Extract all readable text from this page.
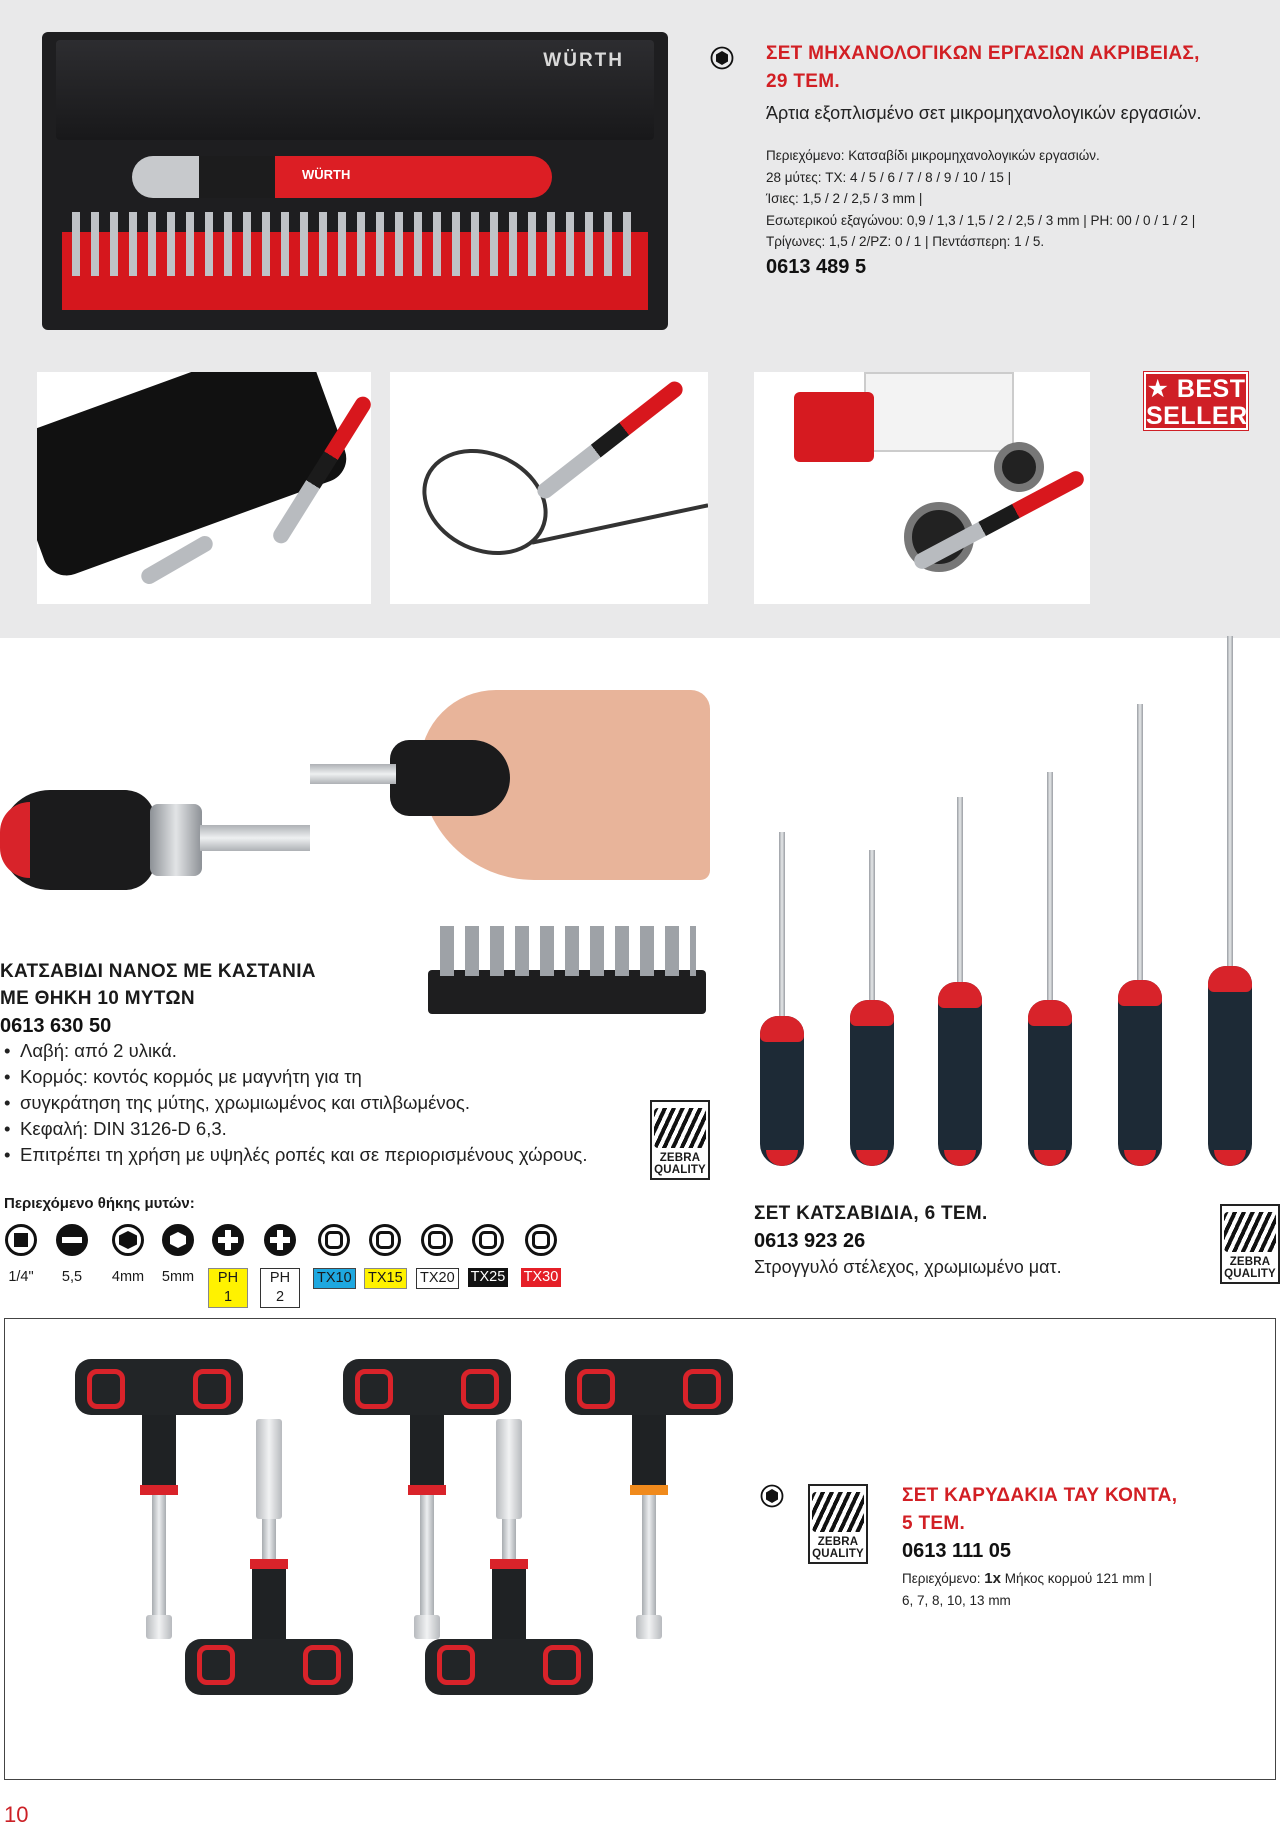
WÜRTH
WÜRTH
ΣΕΤ ΜΗΧΑΝΟΛΟΓΙΚΩΝ ΕΡΓΑΣΙΩΝ ΑΚΡΙΒΕΙΑΣ,
29 ΤΕΜ.
Άρτια εξοπλισμένο σετ μικρομηχανολογικών εργασιών.
Περιεχόμενο: Κατσαβίδι μικρομηχανολογικών εργασιών.
28 μύτες: TX: 4 / 5 / 6 / 7 / 8 / 9 / 10 / 15 |
Ίσιες: 1,5 / 2 / 2,5 / 3 mm |
Εσωτερικού εξαγώνου: 0,9 / 1,3 / 1,5 / 2 / 2,5 / 3 mm | PH: 00 / 0 / 1 / 2 |
Τρίγωνες: 1,5 / 2/PZ: 0 / 1 | Πεντάσπερη: 1 / 5.
0613 489 5
★ BEST
SELLER
ΚΑΤΣΑΒΙΔΙ ΝΑΝΟΣ ΜΕ ΚΑΣΤΑΝΙΑ
ΜΕ ΘΗΚΗ 10 ΜΥΤΩΝ
0613 630 50
• Λαβή: από 2 υλικά.
• Κορμός: κοντός κορμός με μαγνήτη για τη
• συγκράτηση της μύτης, χρωμιωμένος και στιλβωμένος.
• Κεφαλή: DIN 3126-D 6,3.
• Επιτρέπει τη χρήση με υψηλές ροπές και σε περιορισμένους χώρους.	ZEBRA
QUALITY
Περιεχόμενο θήκης μυτών:
1/4"	5,5	4mm 5mm	PH 1
PH 2
TX10 TX15 TX20 TX25	TX30
ΣΕΤ ΚΑΤΣΑΒΙΔΙΑ, 6 ΤΕΜ.
0613 923 26
Στρογγυλό στέλεχος, χρωμιωμένο ματ.	ZEBRA
QUALITY
ZEBRA
QUALITY
ΣΕΤ ΚΑΡΥΔΑΚΙΑ ΤΑΥ ΚΟΝΤΑ,
5 ΤΕΜ.
0613 111 05
Περιεχόμενο: 1x Μήκος κορμού 121 mm |
6, 7, 8, 10, 13 mm
10
